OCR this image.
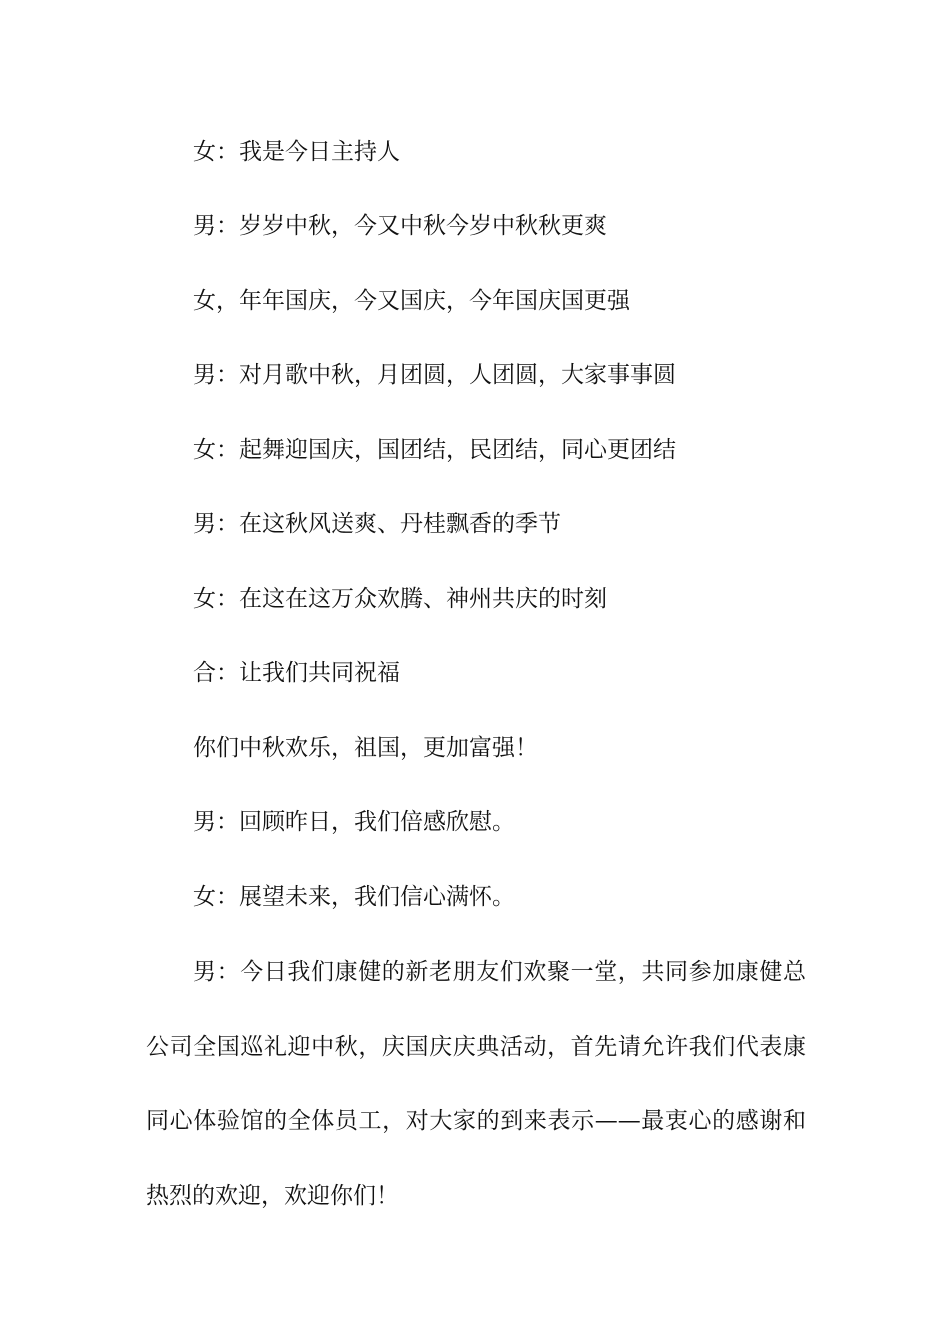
女：我是今日主持人

男：岁岁中秋，今又中秋今岁中秋秋更爽

女，年年国庆，今又国庆，今年国庆国更强

男：对月歌中秋，月团圆，人团圆，大家事事圆

女：起舞迎国庆，国团结，民团结，同心更团结

男：在这秋风送爽、丹桂飘香的季节

女：在这在这万众欢腾、神州共庆的时刻

合：让我们共同祝福

你们中秋欢乐，祖国，更加富强！

男：回顾昨日，我们倍感欣慰。

女：展望未来，我们信心满怀。

男：今日我们康健的新老朋友们欢聚一堂，共同参加康健总公司全国巡礼迎中秋，庆国庆庆典活动，首先请允许我们代表康同心体验馆的全体员工，对大家的到来表示——最衷心的感谢和热烈的欢迎，欢迎你们！
